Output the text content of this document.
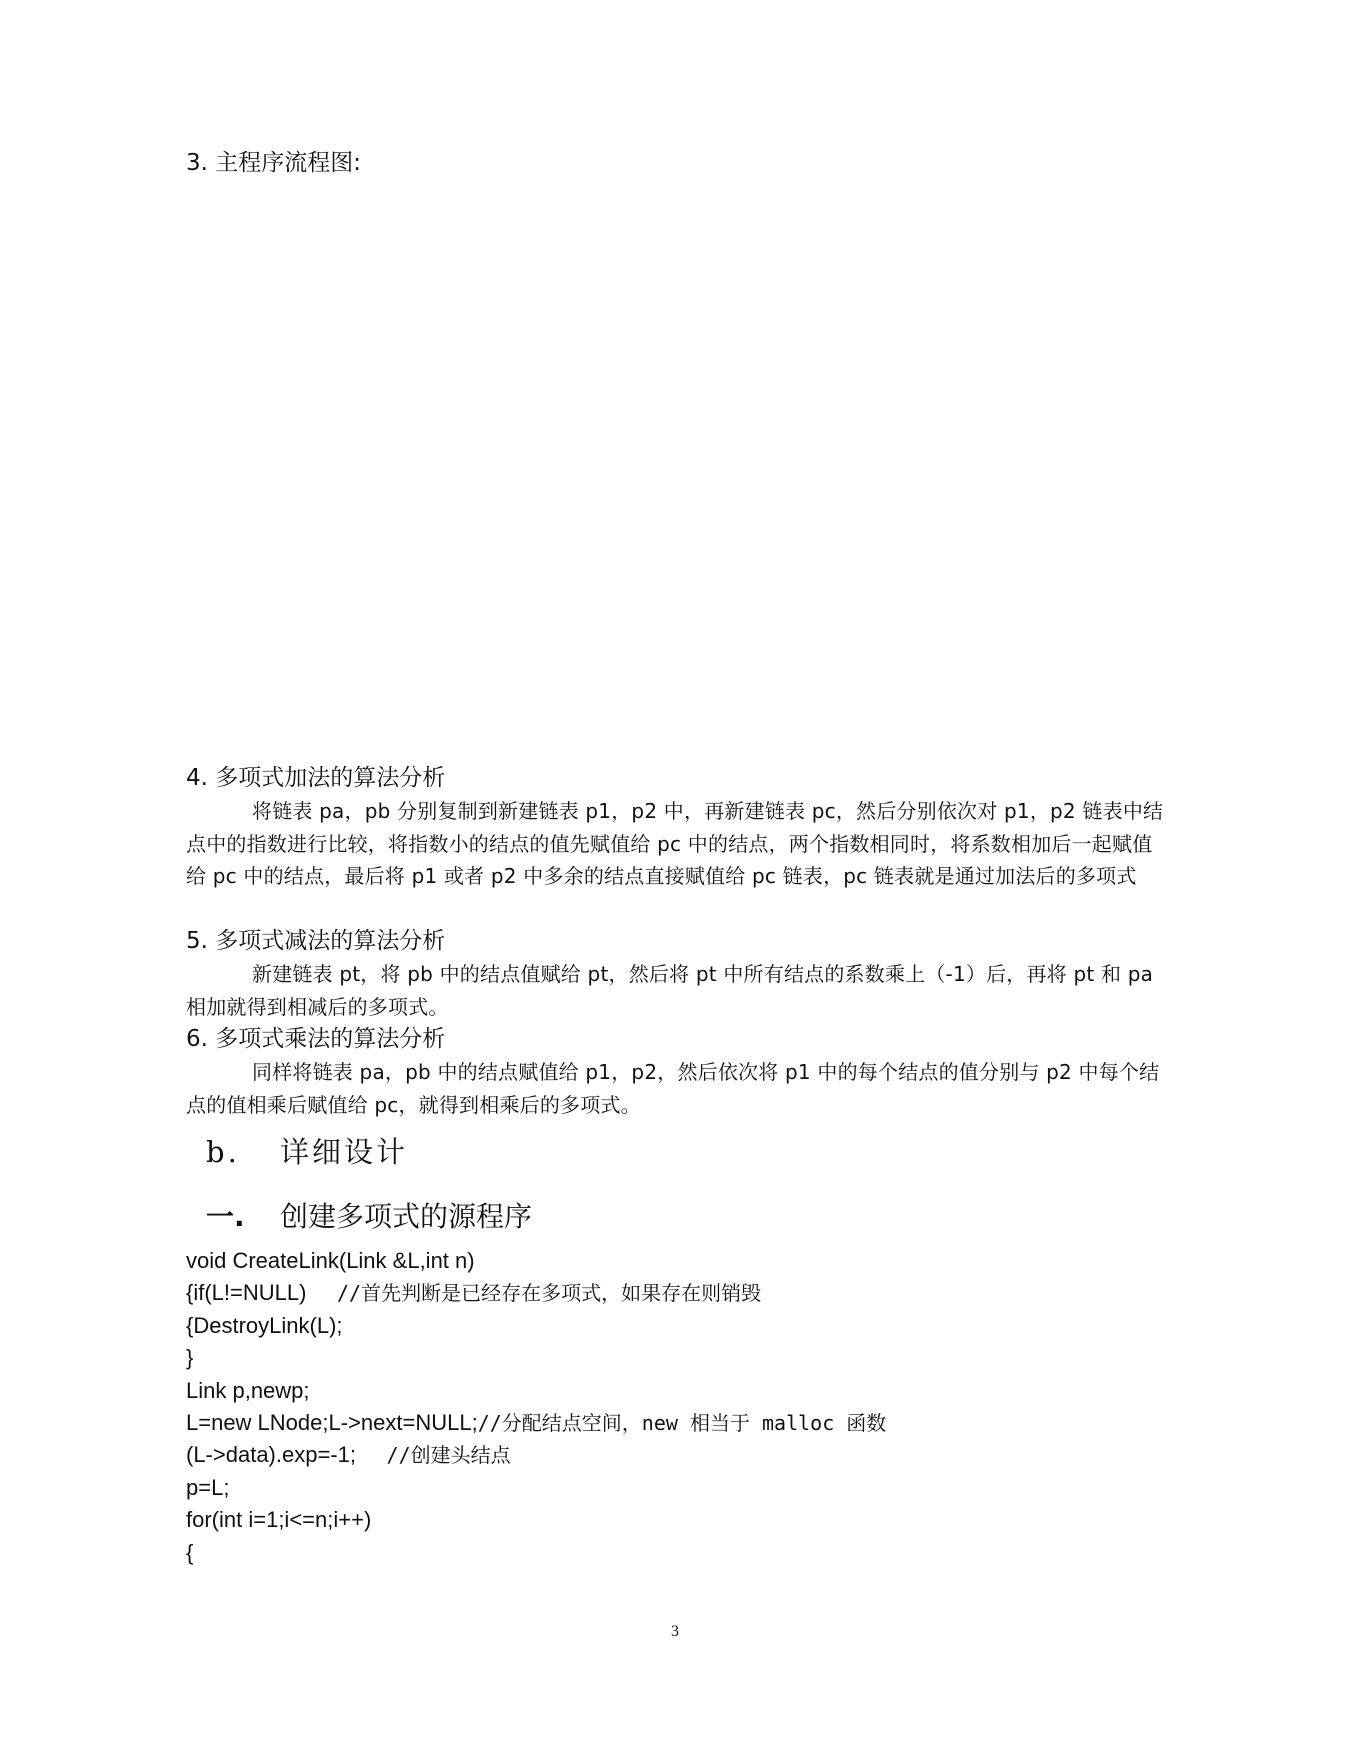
3. 主程序流程图:
4. 多项式加法的算法分析
将链表 pa，pb 分别复制到新建链表 p1，p2 中，再新建链表 pc，然后分别依次对 p1，p2 链表中结点中的指数进行比较，将指数小的结点的值先赋值给 pc 中的结点，两个指数相同时，将系数相加后一起赋值给 pc 中的结点，最后将 p1 或者 p2 中多余的结点直接赋值给 pc 链表，pc 链表就是通过加法后的多项式
5. 多项式减法的算法分析
新建链表 pt，将 pb 中的结点值赋给 pt，然后将 pt 中所有结点的系数乘上（-1）后，再将 pt 和 pa 相加就得到相减后的多项式。
6. 多项式乘法的算法分析
同样将链表 pa，pb 中的结点赋值给 p1，p2，然后依次将 p1 中的每个结点的值分别与 p2 中每个结点的值相乘后赋值给 pc，就得到相乘后的多项式。
b. 详细设计
一. 创建多项式的源程序
void CreateLink(Link &L,int n)
{if(L!=NULL)     //首先判断是已经存在多项式，如果存在则销毁
{DestroyLink(L);
}
Link p,newp;
L=new LNode;L->next=NULL;//分配结点空间，new 相当于 malloc 函数
(L->data).exp=-1;     //创建头结点
p=L;
for(int i=1;i<=n;i++)
{
3
